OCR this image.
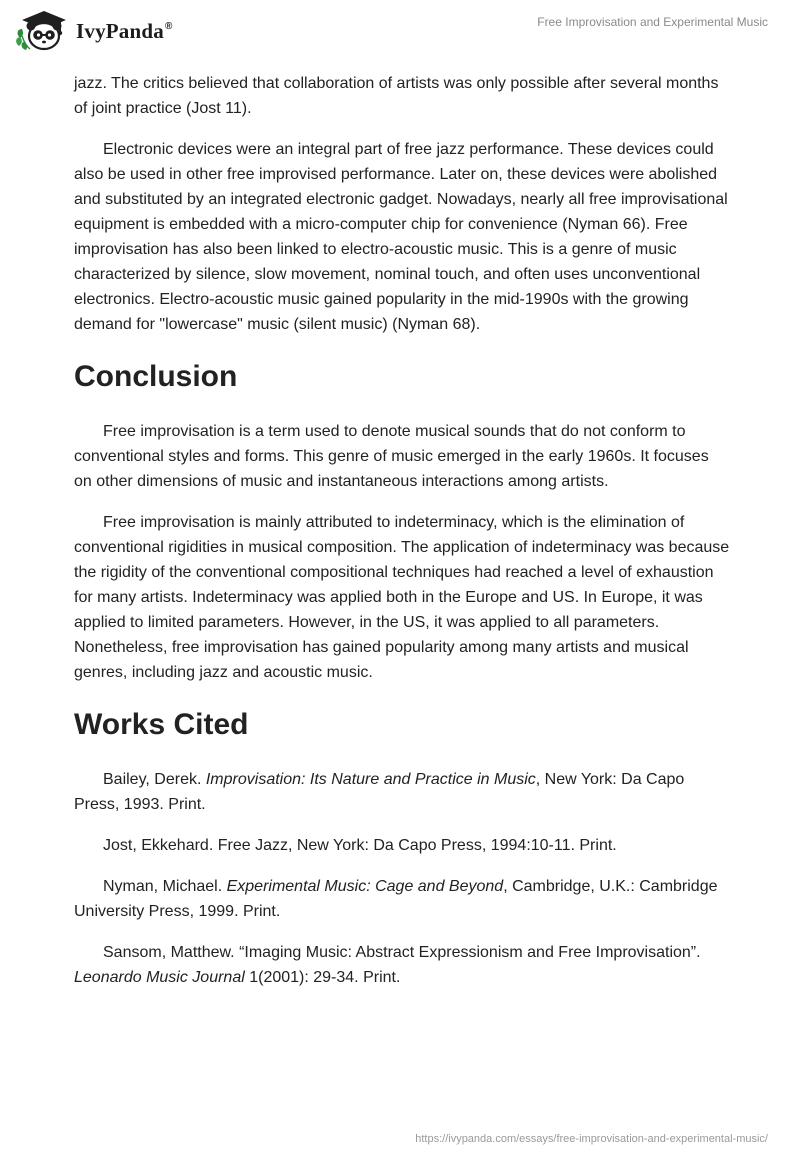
IvyPanda®	Free Improvisation and Experimental Music

jazz. The critics believed that collaboration of artists was only possible after several months of joint practice (Jost 11).

Electronic devices were an integral part of free jazz performance. These devices could also be used in other free improvised performance. Later on, these devices were abolished and substituted by an integrated electronic gadget. Nowadays, nearly all free improvisational equipment is embedded with a micro-computer chip for convenience (Nyman 66). Free improvisation has also been linked to electro-acoustic music. This is a genre of music characterized by silence, slow movement, nominal touch, and often uses unconventional electronics. Electro-acoustic music gained popularity in the mid-1990s with the growing demand for "lowercase" music (silent music) (Nyman 68).

Conclusion

Free improvisation is a term used to denote musical sounds that do not conform to conventional styles and forms. This genre of music emerged in the early 1960s. It focuses on other dimensions of music and instantaneous interactions among artists.

Free improvisation is mainly attributed to indeterminacy, which is the elimination of conventional rigidities in musical composition. The application of indeterminacy was because the rigidity of the conventional compositional techniques had reached a level of exhaustion for many artists. Indeterminacy was applied both in the Europe and US. In Europe, it was applied to limited parameters. However, in the US, it was applied to all parameters. Nonetheless, free improvisation has gained popularity among many artists and musical genres, including jazz and acoustic music.

Works Cited

Bailey, Derek. Improvisation: Its Nature and Practice in Music, New York: Da Capo Press, 1993. Print.

Jost, Ekkehard. Free Jazz, New York: Da Capo Press, 1994:10-11. Print.

Nyman, Michael. Experimental Music: Cage and Beyond, Cambridge, U.K.: Cambridge University Press, 1999. Print.

Sansom, Matthew. “Imaging Music: Abstract Expressionism and Free Improvisation”. Leonardo Music Journal 1(2001): 29-34. Print.

https://ivypanda.com/essays/free-improvisation-and-experimental-music/
